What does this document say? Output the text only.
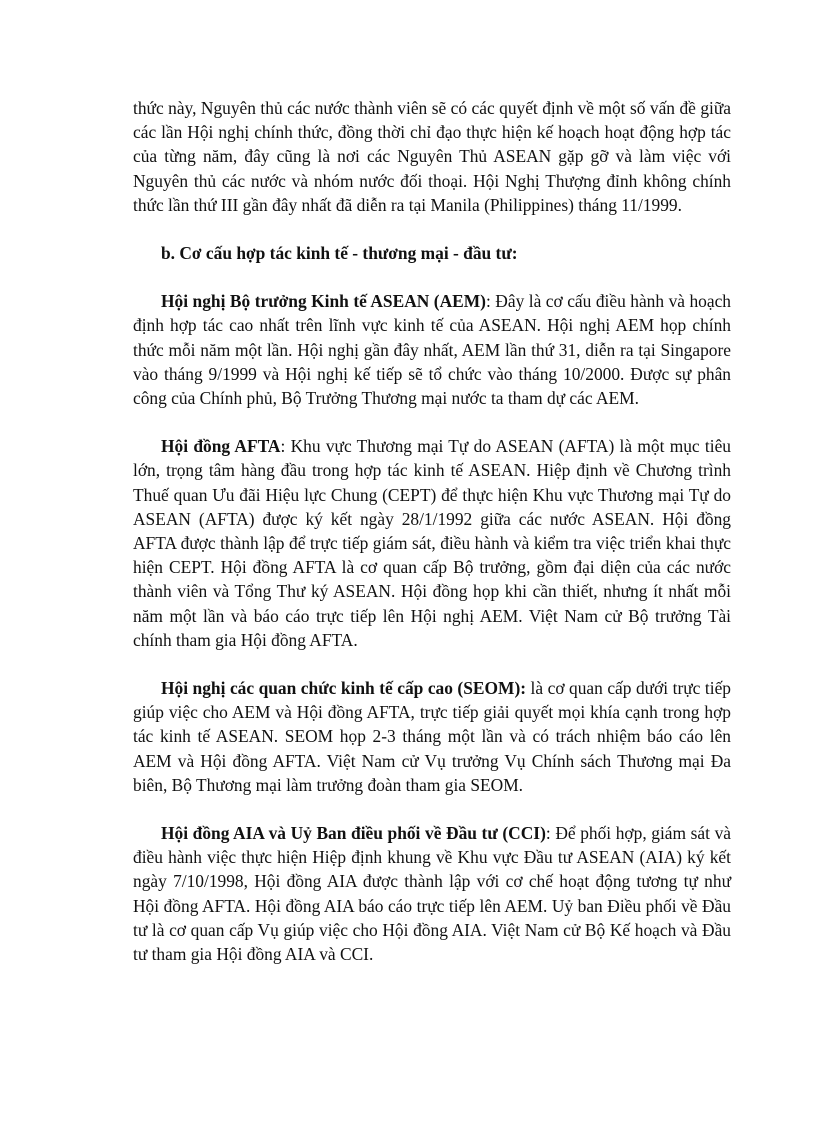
thức này, Nguyên thủ các nước thành viên sẽ có các quyết định về một số vấn đề giữa các lần Hội nghị chính thức, đồng thời chỉ đạo thực hiện kế hoạch hoạt động hợp tác của từng năm, đây cũng là nơi các Nguyên Thủ ASEAN gặp gỡ và làm việc với Nguyên thủ các nước và nhóm nước đối thoại. Hội Nghị Thượng đỉnh không chính thức lần thứ III gần đây nhất đã diễn ra tại Manila (Philippines) tháng 11/1999.

b. Cơ cấu hợp tác kinh tế - thương mại - đầu tư:

Hội nghị Bộ trưởng Kinh tế ASEAN (AEM): Đây là cơ cấu điều hành và hoạch định hợp tác cao nhất trên lĩnh vực kinh tế của ASEAN. Hội nghị AEM họp chính thức mỗi năm một lần. Hội nghị gần đây nhất, AEM lần thứ 31, diễn ra tại Singapore vào tháng 9/1999 và Hội nghị kế tiếp sẽ tổ chức vào tháng 10/2000. Được sự phân công của Chính phủ, Bộ Trưởng Thương mại nước ta tham dự các AEM.

Hội đồng AFTA: Khu vực Thương mại Tự do ASEAN (AFTA) là một mục tiêu lớn, trọng tâm hàng đầu trong hợp tác kinh tế ASEAN. Hiệp định về Chương trình Thuế quan Ưu đãi Hiệu lực Chung (CEPT) để thực hiện Khu vực Thương mại Tự do ASEAN (AFTA) được ký kết ngày 28/1/1992 giữa các nước ASEAN. Hội đồng AFTA được thành lập để trực tiếp giám sát, điều hành và kiểm tra việc triển khai thực hiện CEPT. Hội đồng AFTA là cơ quan cấp Bộ trưởng, gồm đại diện của các nước thành viên và Tổng Thư ký ASEAN. Hội đồng họp khi cần thiết, nhưng ít nhất mỗi năm một lần và báo cáo trực tiếp lên Hội nghị AEM. Việt Nam cử Bộ trưởng Tài chính tham gia Hội đồng AFTA.

Hội nghị các quan chức kinh tế cấp cao (SEOM): là cơ quan cấp dưới trực tiếp giúp việc cho AEM và Hội đồng AFTA, trực tiếp giải quyết mọi khía cạnh trong hợp tác kinh tế ASEAN. SEOM họp 2-3 tháng một lần và có trách nhiệm báo cáo lên AEM và Hội đồng AFTA. Việt Nam cử Vụ trưởng Vụ Chính sách Thương mại Đa biên, Bộ Thương mại làm trưởng đoàn tham gia SEOM.

Hội đồng AIA và Uỷ Ban điều phối về Đầu tư (CCI): Để phối hợp, giám sát và điều hành việc thực hiện Hiệp định khung về Khu vực Đầu tư ASEAN (AIA) ký kết ngày 7/10/1998, Hội đồng AIA được thành lập với cơ chế hoạt động tương tự như Hội đồng AFTA. Hội đồng AIA báo cáo trực tiếp lên AEM. Uỷ ban Điều phối về Đầu tư là cơ quan cấp Vụ giúp việc cho Hội đồng AIA. Việt Nam cử Bộ Kế hoạch và Đầu tư tham gia Hội đồng AIA và CCI.
